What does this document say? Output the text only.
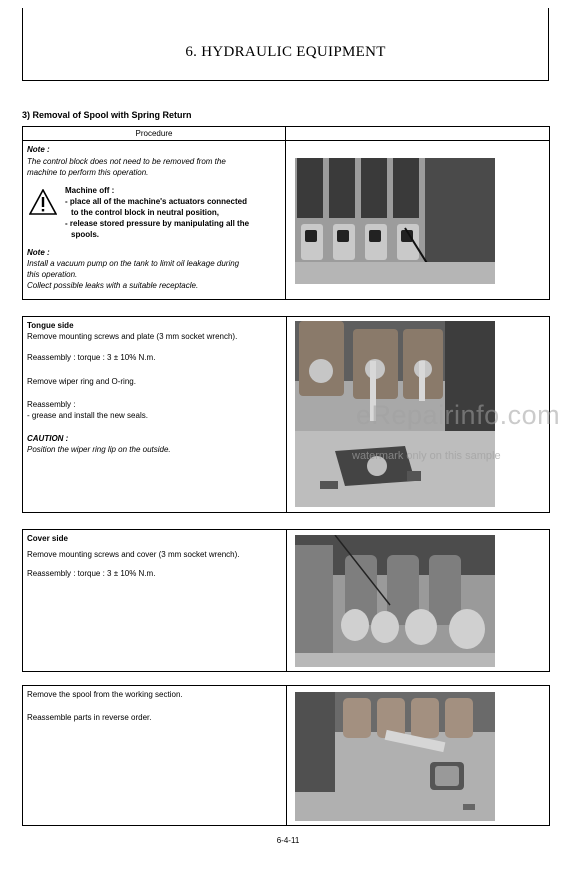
6. HYDRAULIC EQUIPMENT
3) Removal of Spool with Spring Return
Procedure
Note :
The control block does not need to be removed from the
machine to perform this operation.
Machine off :
- place all of the machine's actuators connected
to the control block in neutral position,
- release stored pressure by manipulating all the
spools.
Note :
Install a vacuum pump on the tank to limit oil leakage during
this operation.
Collect possible leaks with a suitable receptacle.
Tongue side
Remove mounting screws and plate (3 mm socket wrench).
Reassembly : torque : 3 ± 10% N.m.
Remove wiper ring and O-ring.
Reassembly :
- grease and install the new seals.
CAUTION :
Position the wiper ring lip on the outside.
eRepairinfo.com
watermark only on this sample
Cover side
Remove mounting screws and cover (3 mm socket wrench).
Reassembly : torque : 3 ± 10% N.m.
Remove the spool from the working section.
Reassemble parts in reverse order.
6-4-11
